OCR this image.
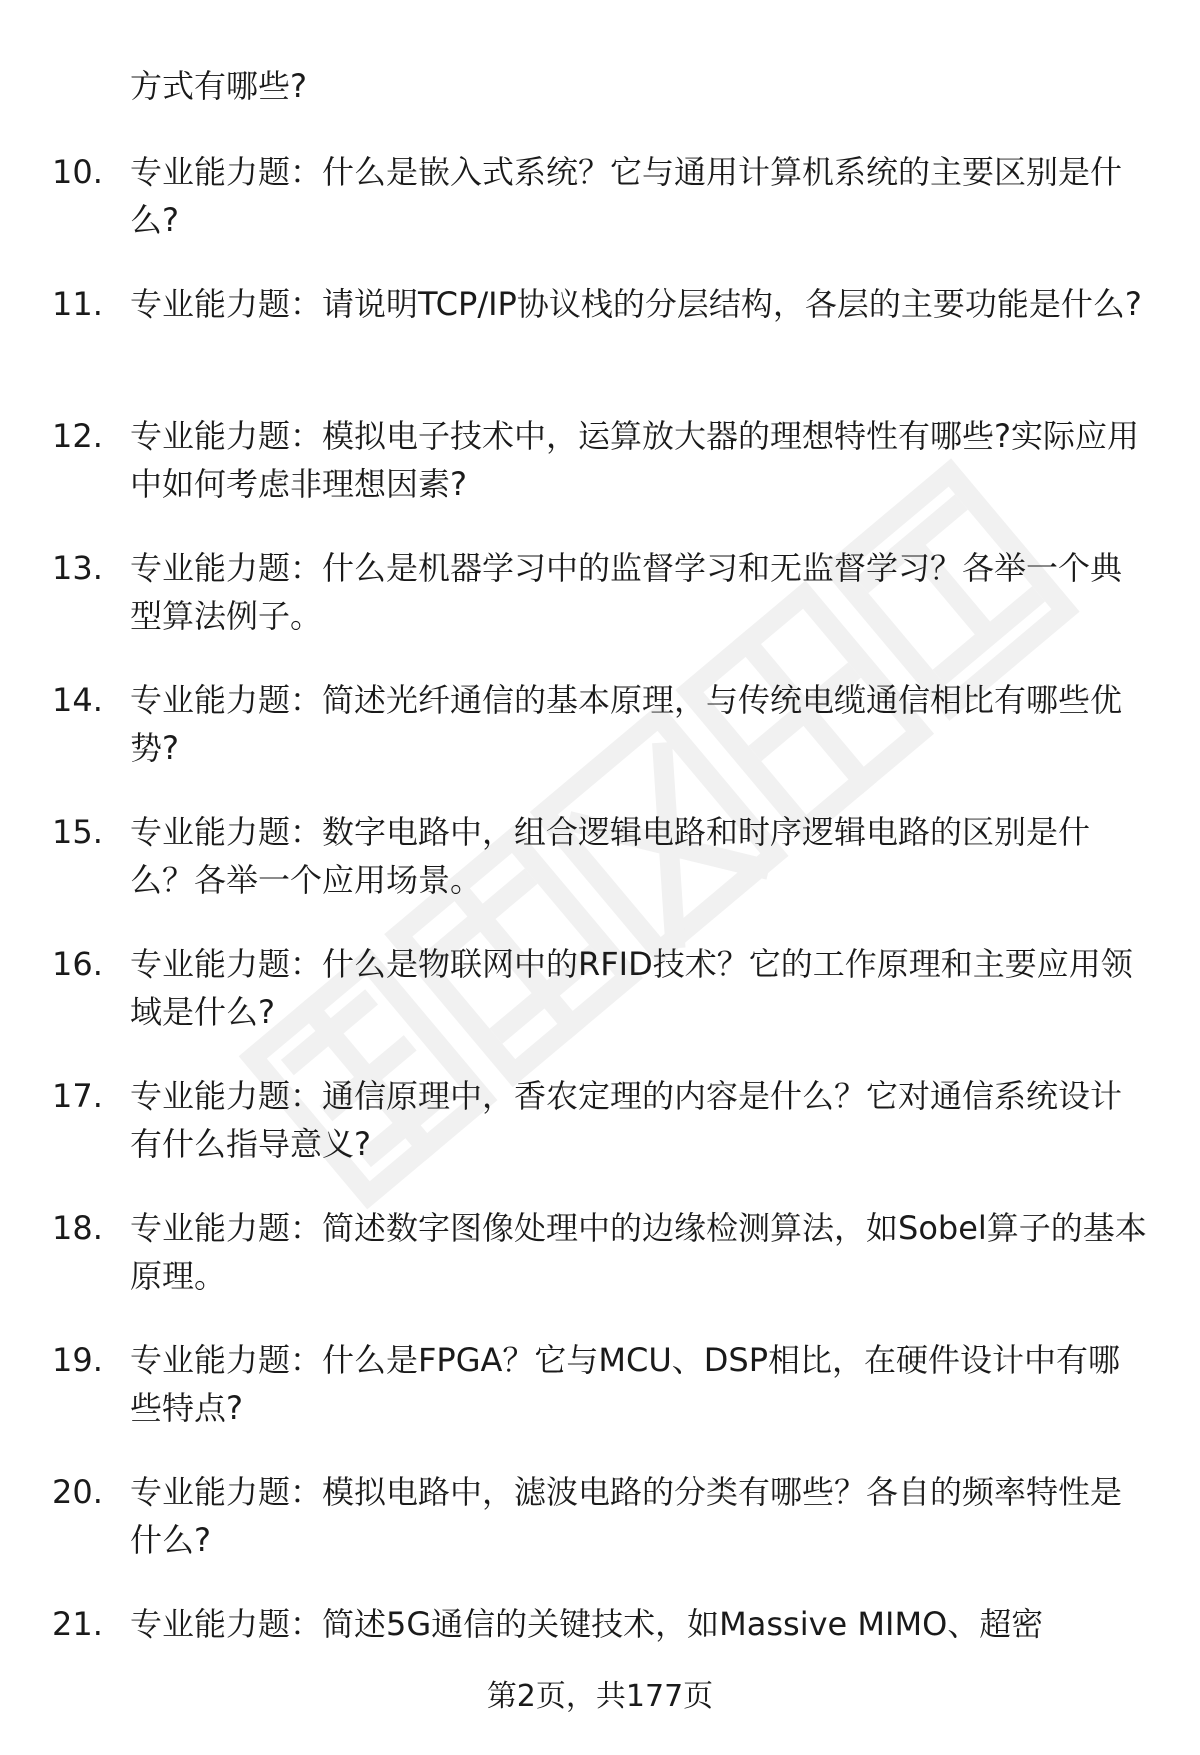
方式有哪些?
10. 专业能力题：什么是嵌入式系统？它与通用计算机系统的主要区别是什么?
11. 专业能力题：请说明TCP/IP协议栈的分层结构，各层的主要功能是什么?
12. 专业能力题：模拟电子技术中，运算放大器的理想特性有哪些?实际应用中如何考虑非理想因素?
13. 专业能力题：什么是机器学习中的监督学习和无监督学习？各举一个典型算法例子。
14. 专业能力题：简述光纤通信的基本原理，与传统电缆通信相比有哪些优势?
15. 专业能力题：数字电路中，组合逻辑电路和时序逻辑电路的区别是什么？各举一个应用场景。
16. 专业能力题：什么是物联网中的RFID技术？它的工作原理和主要应用领域是什么?
17. 专业能力题：通信原理中，香农定理的内容是什么？它对通信系统设计有什么指导意义?
18. 专业能力题：简述数字图像处理中的边缘检测算法，如Sobel算子的基本原理。
19. 专业能力题：什么是FPGA？它与MCU、DSP相比，在硬件设计中有哪些特点?
20. 专业能力题：模拟电路中，滤波电路的分类有哪些？各自的频率特性是什么?
21. 专业能力题：简述5G通信的关键技术，如Massive MIMO、超密
第2页，共177页
